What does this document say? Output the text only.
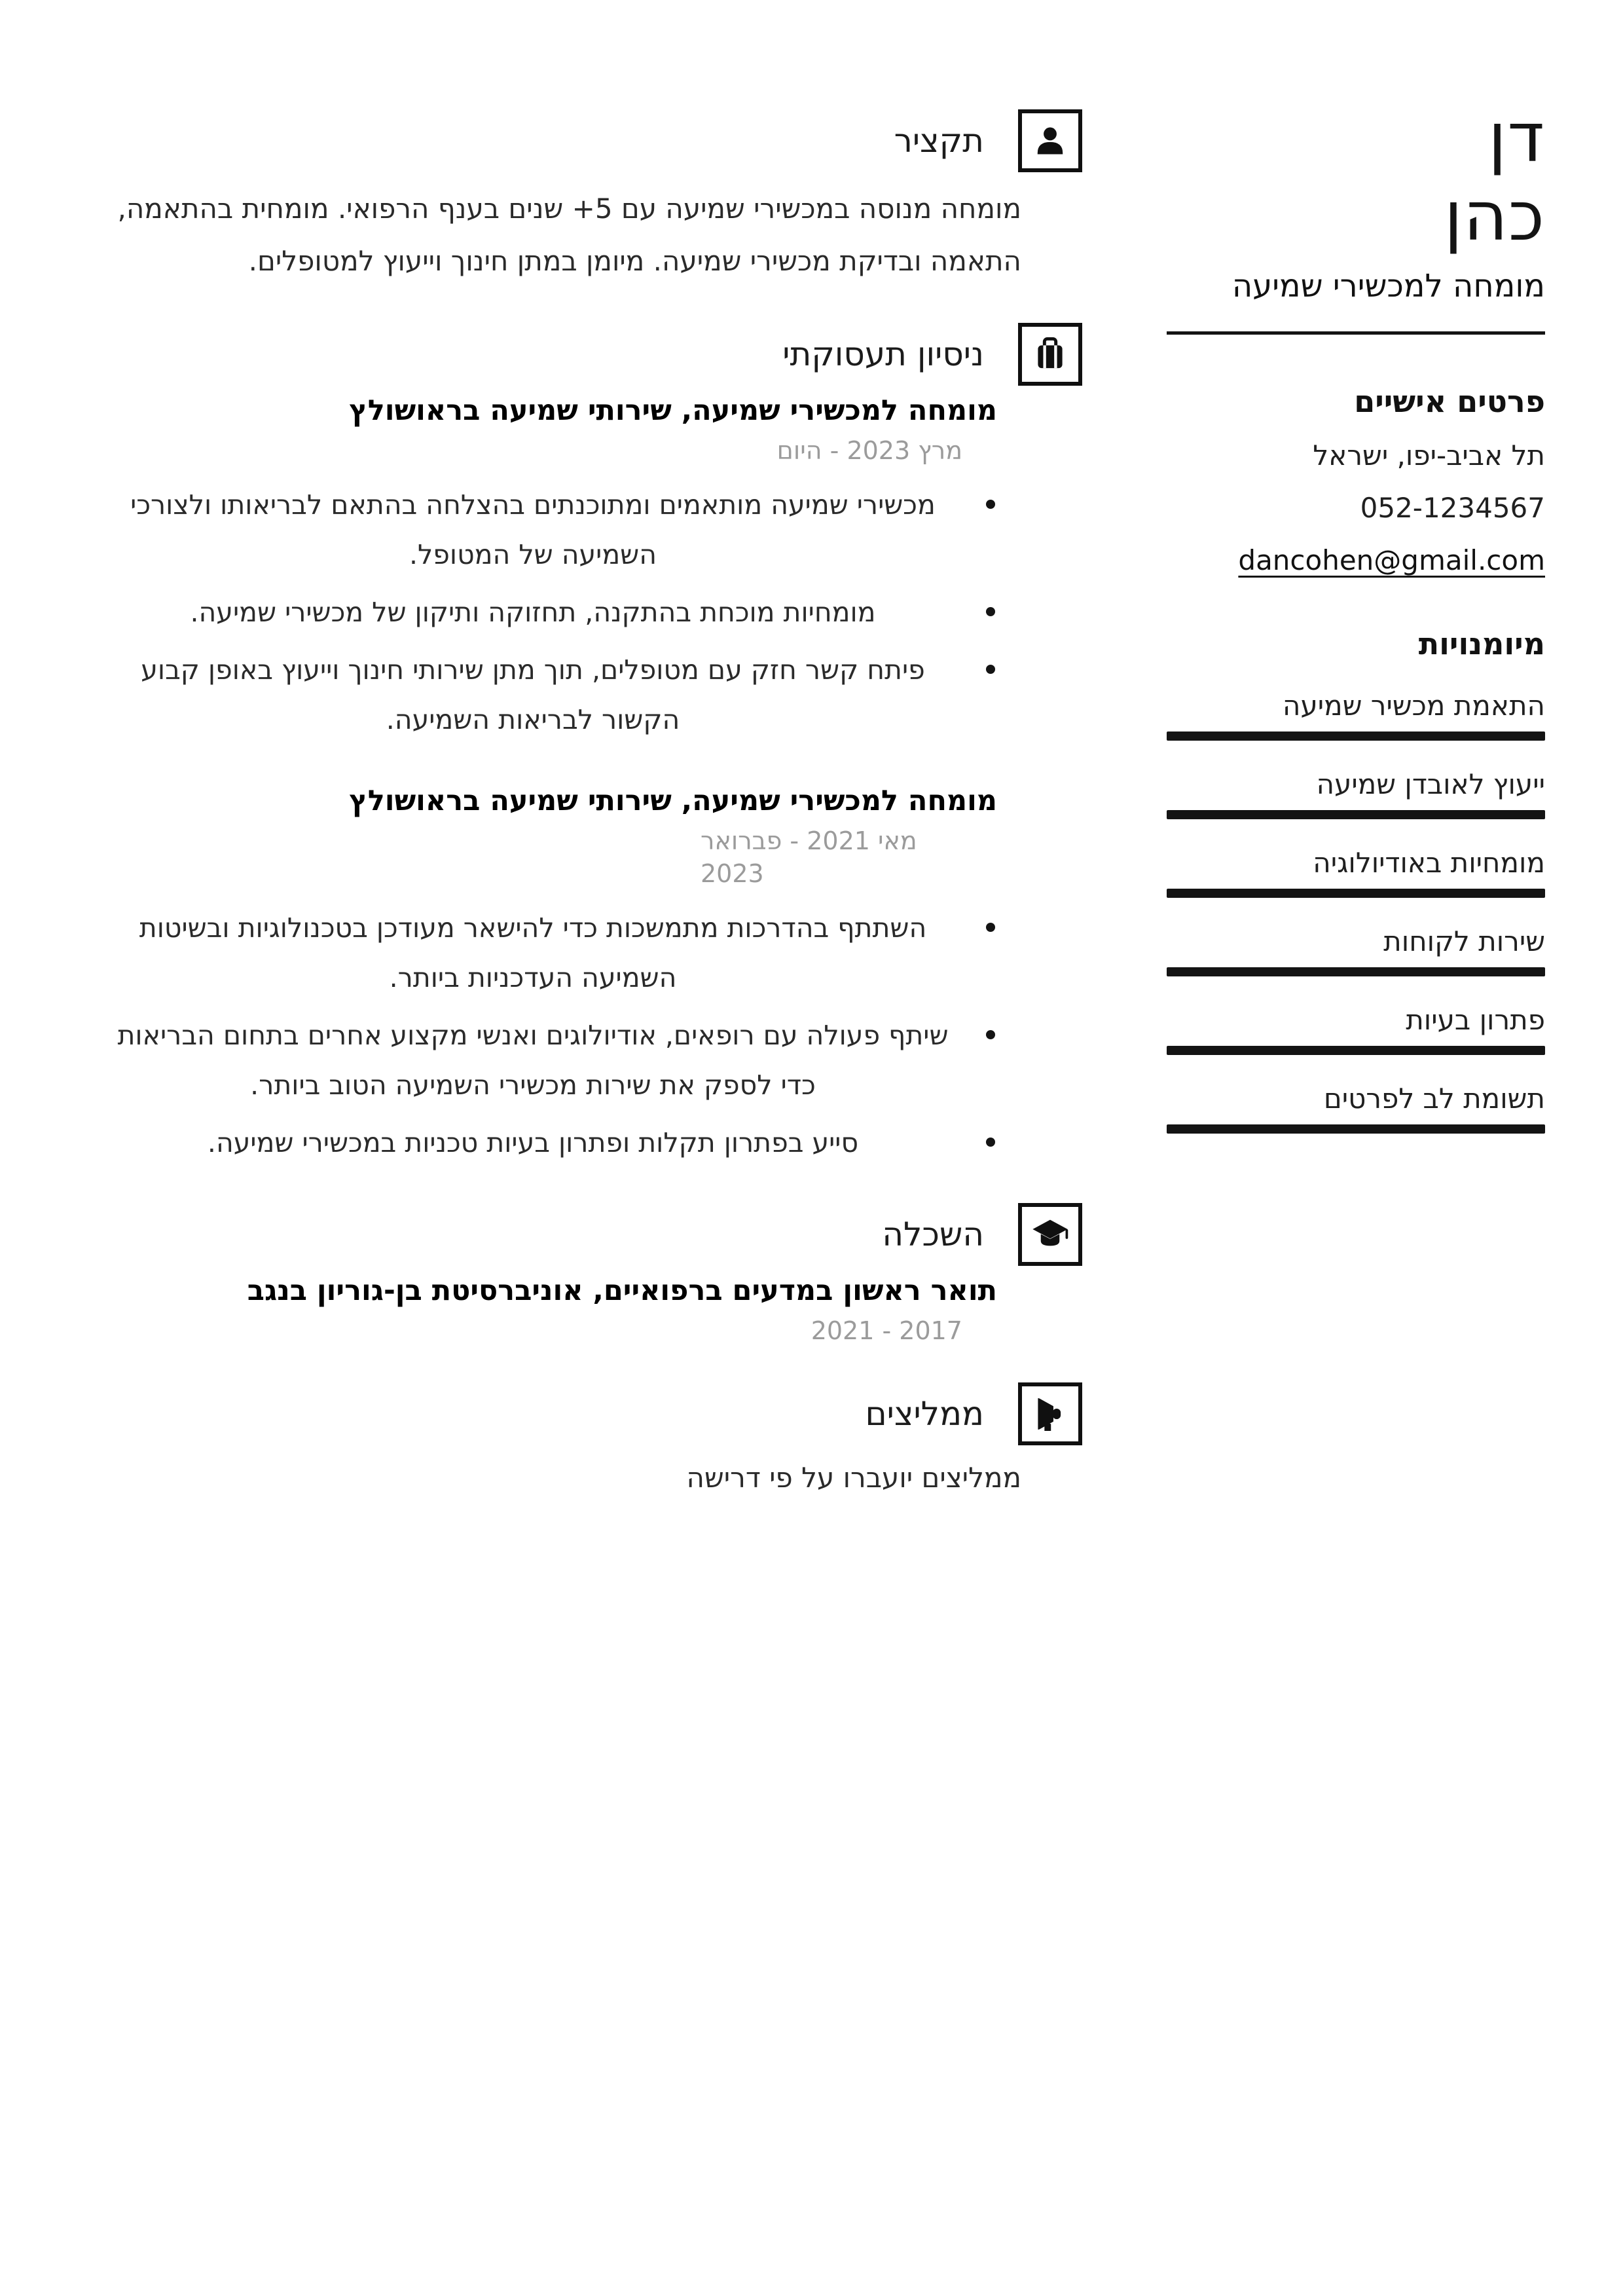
דן
כהן
מומחה למכשירי שמיעה
פרטים אישיים
תל אביב-יפו, ישראל
052-1234567
dancohen@gmail.com
מיומנויות
התאמת מכשיר שמיעה
ייעוץ לאובדן שמיעה
מומחיות באודיולוגיה
שירות לקוחות
פתרון בעיות
תשומת לב לפרטים
תקציר

מומחה מנוסה במכשירי שמיעה עם 5+ שנים בענף הרפואי. מומחית בהתאמה, התאמה ובדיקת מכשירי שמיעה. מיומן במתן חינוך וייעוץ למטופלים.

ניסיון תעסוקתי
מומחה למכשירי שמיעה, שירותי שמיעה בראושולץ
מרץ 2023 - היום
מכשירי שמיעה מותאמים ומתוכנתים בהצלחה בהתאם לבריאותו ולצורכי השמיעה של המטופל.
מומחיות מוכחת בהתקנה, תחזוקה ותיקון של מכשירי שמיעה.
פיתח קשר חזק עם מטופלים, תוך מתן שירותי חינוך וייעוץ באופן קבוע הקשור לבריאות השמיעה.
מומחה למכשירי שמיעה, שירותי שמיעה בראושולץ
מאי 2021 - פברואר 2023
השתתף בהדרכות מתמשכות כדי להישאר מעודכן בטכנולוגיות ובשיטות השמיעה העדכניות ביותר.
שיתף פעולה עם רופאים, אודיולוגים ואנשי מקצוע אחרים בתחום הבריאות כדי לספק את שירות מכשירי השמיעה הטוב ביותר.
סייע בפתרון תקלות ופתרון בעיות טכניות במכשירי שמיעה.
השכלה
תואר ראשון במדעים ברפואיים, אוניברסיטת בן-גוריון בנגב
2017 - 2021
ממליצים

ממליצים יועברו על פי דרישה
